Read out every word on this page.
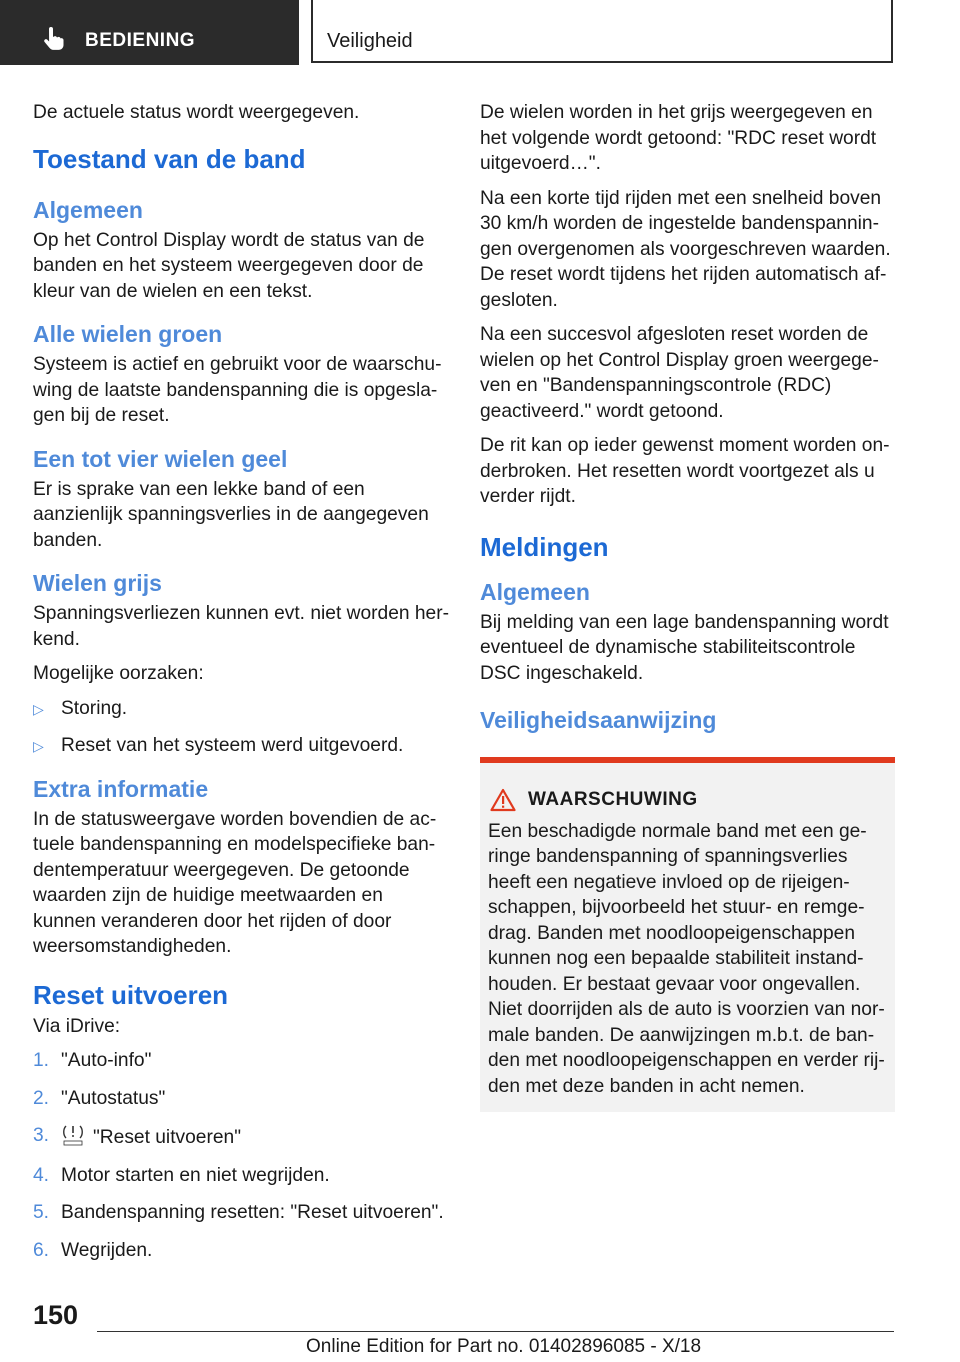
BEDIENING	Veiligheid

De actuele status wordt weergegeven.

Toestand van de band
Algemeen

Op het Control Display wordt de status van de banden en het systeem weergegeven door de kleur van de wielen en een tekst.

Alle wielen groen

Systeem is actief en gebruikt voor de waarschuwing de laatste bandenspanning die is opgeslagen bij de reset.

Een tot vier wielen geel

Er is sprake van een lekke band of een aanzienlijk spanningsverlies in de aangegeven banden.

Wielen grijs

Spanningsverliezen kunnen evt. niet worden herkend.

Mogelijke oorzaken:

▷ Storing.
▷ Reset van het systeem werd uitgevoerd.
Extra informatie

In de statusweergave worden bovendien de actuele bandenspanning en modelspecifieke bandentemperatuur weergegeven. De getoonde waarden zijn de huidige meetwaarden en kunnen veranderen door het rijden of door weersomstandigheden.

Reset uitvoeren

Via iDrive:

1. "Auto-info"
2. "Autostatus"
3. "Reset uitvoeren"
4. Motor starten en niet wegrijden.
5. Bandenspanning resetten: "Reset uitvoeren".
6. Wegrijden.

De wielen worden in het grijs weergegeven en het volgende wordt getoond: "RDC reset wordt uitgevoerd…".

Na een korte tijd rijden met een snelheid boven 30 km/h worden de ingestelde bandenspanningen overgenomen als voorgeschreven waarden. De reset wordt tijdens het rijden automatisch afgesloten.

Na een succesvol afgesloten reset worden de wielen op het Control Display groen weergegeven en "Bandenspanningscontrole (RDC) geactiveerd." wordt getoond.

De rit kan op ieder gewenst moment worden onderbroken. Het resetten wordt voortgezet als u verder rijdt.

Meldingen
Algemeen

Bij melding van een lage bandenspanning wordt eventueel de dynamische stabiliteitscontrole DSC ingeschakeld.

Veiligheidsaanwijzing
WAARSCHUWING

Een beschadigde normale band met een geringe bandenspanning of spanningsverlies heeft een negatieve invloed op de rijeigenschappen, bijvoorbeeld het stuur- en remgedrag. Banden met noodloopeigenschappen kunnen nog een bepaalde stabiliteit instandhouden. Er bestaat gevaar voor ongevallen. Niet doorrijden als de auto is voorzien van normale banden. De aanwijzingen m.b.t. de banden met noodloopeigenschappen en verder rijden met deze banden in acht nemen.

150
Online Edition for Part no. 01402896085 - X/18
